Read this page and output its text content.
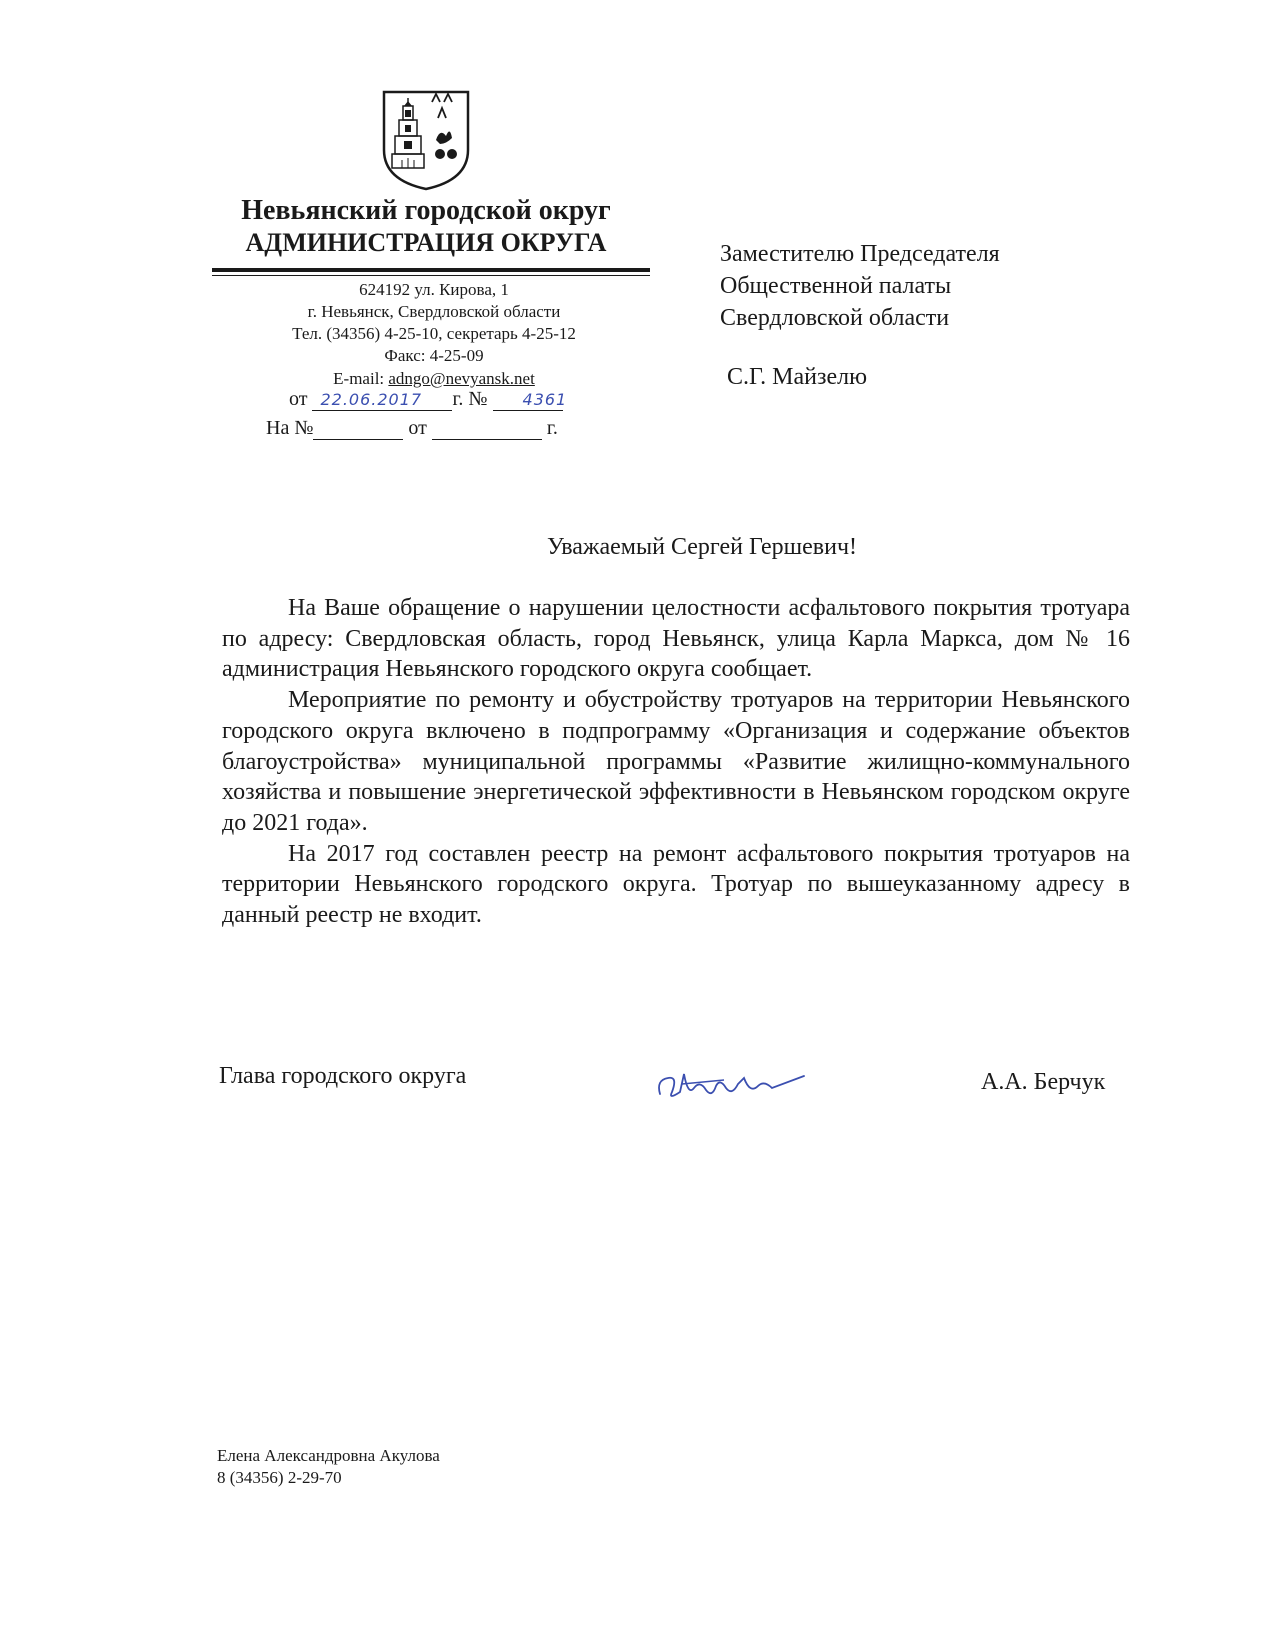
Невьянский городской округ
АДМИНИСТРАЦИЯ ОКРУГА
624192 ул. Кирова, 1
г. Невьянск, Свердловской области
Тел. (34356) 4-25-10, секретарь 4-25-12
Факс: 4-25-09
E-mail: adngo@nevyansk.net
от 22.06.2017 г. № 4361
На №	от	г.
Заместителю Председателя
Общественной палаты
Свердловской области
С.Г. Майзелю
Уважаемый Сергей Гершевич!

На Ваше обращение о нарушении целостности асфальтового покрытия тротуара по адресу: Свердловская область, город Невьянск, улица Карла Маркса, дом № 16 администрация Невьянского городского округа сообщает.

Мероприятие по ремонту и обустройству тротуаров на территории Невьянского городского округа включено в подпрограмму «Организация и содержание объектов благоустройства» муниципальной программы «Развитие жилищно-коммунального хозяйства и повышение энергетической эффективности в Невьянском городском округе до 2021 года».

На 2017 год составлен реестр на ремонт асфальтового покрытия тротуаров на территории Невьянского городского округа. Тротуар по вышеуказанному адресу в данный реестр не входит.

Глава городского округа	А.А. Берчук
Елена Александровна Акулова
8 (34356) 2-29-70
